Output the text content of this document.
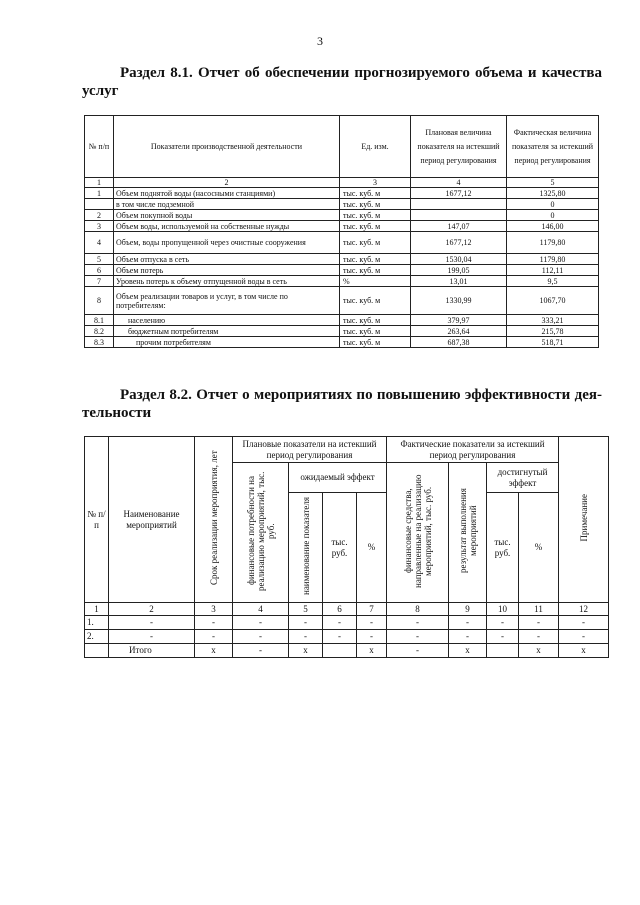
3
Раздел 8.1. Отчет об обеспечении прогнозируемого объема и качества
услуг
№ п/п	Показатели производственной деятельности	Ед. изм.	Плановая величина показателя на истекший период регулирования	Фактическая величина показателя за истекший период регулирования
1	2	3	4	5
1	Объем поднятой воды (насосными станциями)	тыс. куб. м	1677,12	1325,80
	в том числе подземной	тыс. куб. м		0
2	Объем покупной воды	тыс. куб. м		0
3	Объем воды, используемой на собственные нужды	тыс. куб. м	147,07	146,00
4	Объем, воды пропущенной через очистные сооружения	тыс. куб. м	1677,12	1179,80
5	Объем отпуска в сеть	тыс. куб. м	1530,04	1179,80
6	Объем потерь	тыс. куб. м	199,05	112,11
7	Уровень потерь к объему отпущенной воды в сеть	%	13,01	9,5
8	Объем реализации товаров и услуг, в том числе по потребителям:	тыс. куб. м	1330,99	1067,70
8.1	населению	тыс. куб. м	379,97	333,21
8.2	бюджетным потребителям	тыс. куб. м	263,64	215,78
8.3	прочим потребителям	тыс. куб. м	687,38	518,71
Раздел 8.2. Отчет о мероприятиях по повышению эффективности дея-
тельности
№ п/п	Наименование мероприятий	Срок реализации мероприятия, лет	Плановые показатели на истекший период регулирования				Фактические показатели за истекший период регулирования				Примечание
			финансовые потребности на реализацию мероприятий, тыс. руб.	ожидаемый эффект			финансовые средства, направленные на реализацию мероприятий, тыс. руб.	результат выполнения мероприятий	достигнутый эффект		
				наименование показателя	тыс. руб.	%			тыс. руб.	%	
1	2	3	4	5	6	7	8	9	10	11	12
1.	-	-	-	-	-	-	-	-	-	-	-
2.	-	-	-	-	-	-	-	-	-	-	-
	Итого	x	-	x		x	-	x		x	x
